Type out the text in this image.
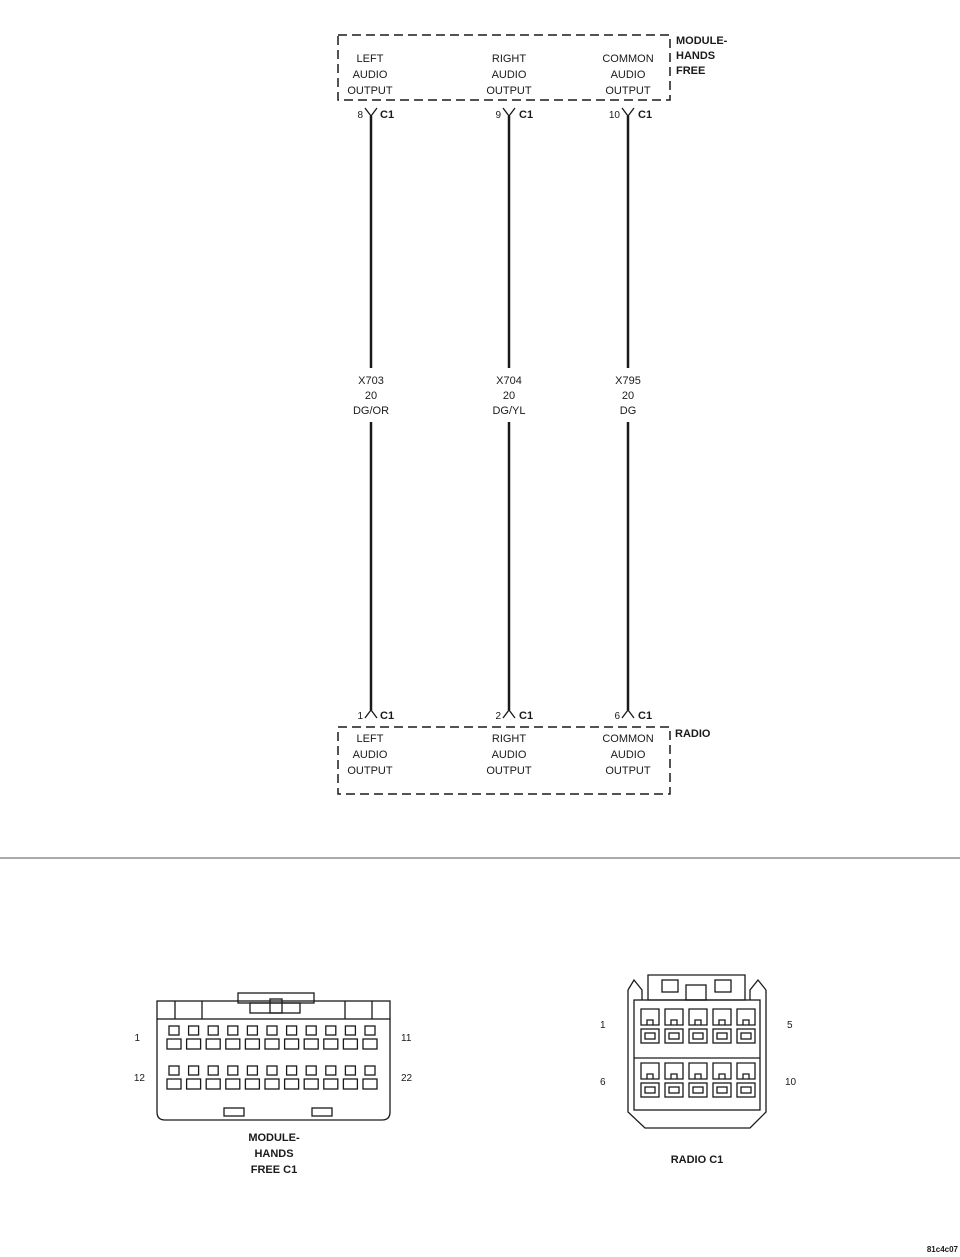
MODULE-
HANDS
FREE
LEFT
AUDIO
OUTPUT
RIGHT
AUDIO
OUTPUT
COMMON
AUDIO
OUTPUT
8 C1	9 C1	10 C1
X703
20
DG/OR
X704
20
DG/YL
X795
20
DG
1 C1	2 C1	6 C1
RADIO
LEFT
AUDIO
OUTPUT
RIGHT
AUDIO
OUTPUT
COMMON
AUDIO
OUTPUT
1	11
12	22
MODULE-
HANDS
FREE C1
1	5
6	10
RADIO C1
81c4c07
